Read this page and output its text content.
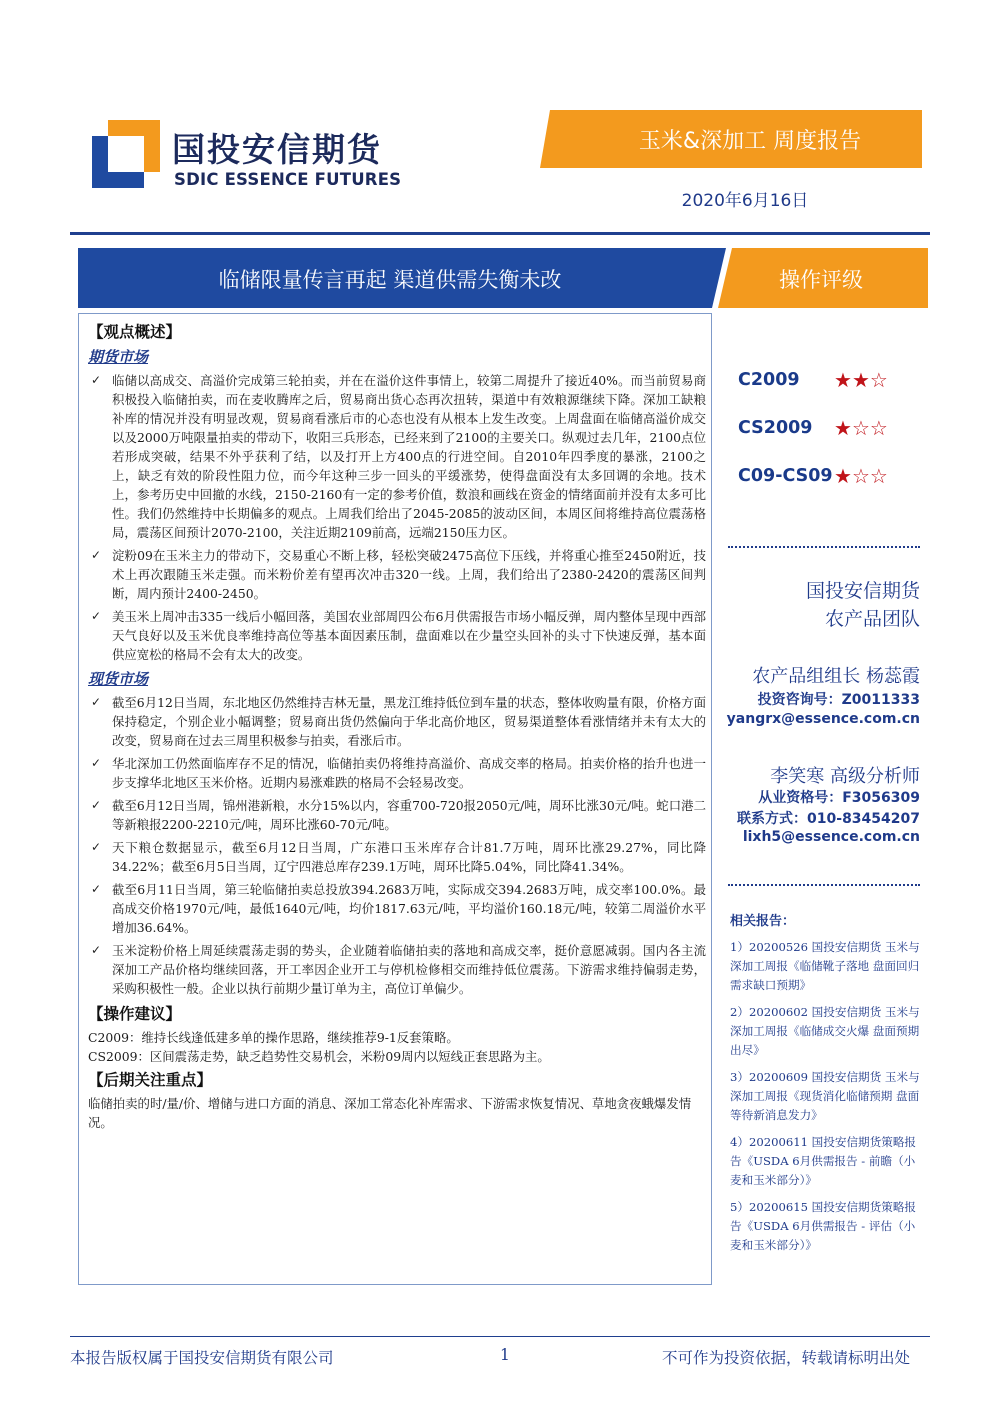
国投安信期货
SDIC ESSENCE FUTURES
玉米&深加工 周度报告
2020年6月16日
临储限量传言再起 渠道供需失衡未改	操作评级
【观点概述】
期货市场
✓ 临储以高成交、高溢价完成第三轮拍卖，并在在溢价这件事情上，较第二周提升了接近40%。而当前贸易商积极投入临储拍卖，而在麦收腾库之后，贸易商出货心态再次扭转，渠道中有效粮源继续下降。深加工缺粮补库的情况并没有明显改观，贸易商看涨后市的心态也没有从根本上发生改变。上周盘面在临储高溢价成交以及2000万吨限量拍卖的带动下，收阳三兵形态，已经来到了2100的主要关口。纵观过去几年，2100点位若形成突破，结果不外乎获利了结，以及打开上方400点的行进空间。自2010年四季度的暴涨，2100之上，缺乏有效的阶段性阻力位，而今年这种三步一回头的平缓涨势，使得盘面没有太多回调的余地。技术上，参考历史中回撤的水线，2150-2160有一定的参考价值，数浪和画线在资金的情绪面前并没有太多可比性。我们仍然维持中长期偏多的观点。上周我们给出了2045-2085的波动区间，本周区间将维持高位震荡格局，震荡区间预计2070-2100，关注近期2109前高，远端2150压力区。
✓ 淀粉09在玉米主力的带动下，交易重心不断上移，轻松突破2475高位下压线，并将重心推至2450附近，技术上再次跟随玉米走强。而米粉价差有望再次冲击320一线。上周，我们给出了2380-2420的震荡区间判断，周内预计2400-2450。
✓ 美玉米上周冲击335一线后小幅回落，美国农业部周四公布6月供需报告市场小幅反弹，周内整体呈现中西部天气良好以及玉米优良率维持高位等基本面因素压制，盘面难以在少量空头回补的头寸下快速反弹，基本面供应宽松的格局不会有太大的改变。
现货市场
✓ 截至6月12日当周，东北地区仍然维持吉林无量，黑龙江维持低位到车量的状态，整体收购量有限，价格方面保持稳定，个别企业小幅调整；贸易商出货仍然偏向于华北高价地区，贸易渠道整体看涨情绪并未有太大的改变，贸易商在过去三周里积极参与拍卖，看涨后市。
✓ 华北深加工仍然面临库存不足的情况，临储拍卖仍将维持高溢价、高成交率的格局。拍卖价格的抬升也进一步支撑华北地区玉米价格。近期内易涨难跌的格局不会轻易改变。
✓ 截至6月12日当周，锦州港新粮，水分15%以内，容重700-720报2050元/吨，周环比涨30元/吨。蛇口港二等新粮报2200-2210元/吨，周环比涨60-70元/吨。
✓ 天下粮仓数据显示，截至6月12日当周，广东港口玉米库存合计81.7万吨，周环比涨29.27%，同比降34.22%；截至6月5日当周，辽宁四港总库存239.1万吨，周环比降5.04%，同比降41.34%。
✓ 截至6月11日当周，第三轮临储拍卖总投放394.2683万吨，实际成交394.2683万吨，成交率100.0%。最高成交价格1970元/吨，最低1640元/吨，均价1817.63元/吨，平均溢价160.18元/吨，较第二周溢价水平增加36.64%。
✓ 玉米淀粉价格上周延续震荡走弱的势头，企业随着临储拍卖的落地和高成交率，挺价意愿减弱。国内各主流深加工产品价格均继续回落，开工率因企业开工与停机检修相交而维持低位震荡。下游需求维持偏弱走势，采购积极性一般。企业以执行前期少量订单为主，高位订单偏少。
【操作建议】
C2009：维持长线逢低建多单的操作思路，继续推荐9-1反套策略。
CS2009：区间震荡走势，缺乏趋势性交易机会，米粉09周内以短线正套思路为主。
【后期关注重点】
临储拍卖的时/量/价、增储与进口方面的消息、深加工常态化补库需求、下游需求恢复情况、草地贪夜蛾爆发情况。
C2009 ★★☆
CS2009 ★☆☆
C09-CS09 ★☆☆
国投安信期货
农产品团队
农产品组组长 杨蕊霞
投资咨询号：Z0011333
yangrx@essence.com.cn
李笑寒 高级分析师
从业资格号：F3056309
联系方式：010-83454207
lixh5@essence.com.cn
相关报告：
1）20200526 国投安信期货 玉米与深加工周报《临储靴子落地 盘面回归需求缺口预期》
2）20200602 国投安信期货 玉米与深加工周报《临储成交火爆 盘面预期出尽》
3）20200609 国投安信期货 玉米与深加工周报《现货消化临储预期 盘面等待新消息发力》
4）20200611 国投安信期货策略报告《USDA 6月供需报告 - 前瞻（小麦和玉米部分）》
5）20200615 国投安信期货策略报告《USDA 6月供需报告 - 评估（小麦和玉米部分）》
本报告版权属于国投安信期货有限公司	1	不可作为投资依据，转载请标明出处
